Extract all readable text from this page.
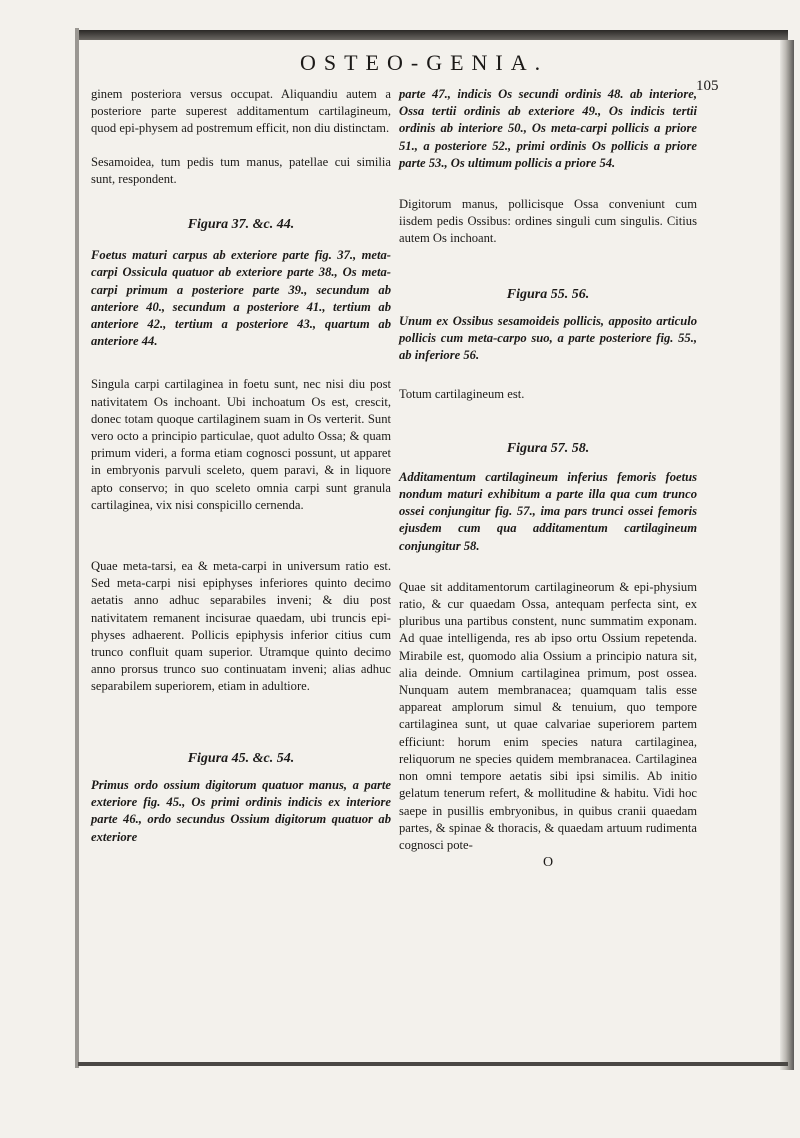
OSTEO-GENIA.
105

ginem posteriora versus occupat. Aliquandiu autem a posteriore parte superest additamentum cartilagineum, quod epi-physem ad postremum efficit, non diu distinctam.

Sesamoidea, tum pedis tum manus, patellae cui similia sunt, respondent.

Figura 37. &c. 44.

Foetus maturi carpus ab exteriore parte fig. 37., meta-carpi Ossicula quatuor ab exteriore parte 38., Os meta-carpi primum a posteriore parte 39., secundum ab anteriore 40., secundum a posteriore 41., tertium ab anteriore 42., tertium a posteriore 43., quartum ab anteriore 44.

Singula carpi cartilaginea in foetu sunt, nec nisi diu post nativitatem Os inchoant. Ubi inchoatum Os est, crescit, donec totam quoque cartilaginem suam in Os verterit. Sunt vero octo a principio particulae, quot adulto Ossa; & quam primum videri, a forma etiam cognosci possunt, ut apparet in embryonis parvuli sceleto, quem paravi, & in liquore apto conservo; in quo sceleto omnia carpi sunt granula cartilaginea, vix nisi conspicillo cernenda.

Quae meta-tarsi, ea & meta-carpi in universum ratio est. Sed meta-carpi nisi epiphyses inferiores quinto decimo aetatis anno adhuc separabiles inveni; & diu post nativitatem remanent incisurae quaedam, ubi truncis epi-physes adhaerent. Pollicis epiphysis inferior citius cum trunco confluit quam superior. Utramque quinto decimo anno prorsus trunco suo continuatam inveni; alias adhuc separabilem superiorem, etiam in adultiore.

Figura 45. &c. 54.

Primus ordo ossium digitorum quatuor manus, a parte exteriore fig. 45., Os primi ordinis indicis ex interiore parte 46., ordo secundus Ossium digitorum quatuor ab exteriore

parte 47., indicis Os secundi ordinis 48. ab interiore, Ossa tertii ordinis ab exteriore 49., Os indicis tertii ordinis ab interiore 50., Os meta-carpi pollicis a priore 51., a posteriore 52., primi ordinis Os pollicis a priore parte 53., Os ultimum pollicis a priore 54.

Digitorum manus, pollicisque Ossa conveniunt cum iisdem pedis Ossibus: ordines singuli cum singulis. Citius autem Os inchoant.

Figura 55. 56.

Unum ex Ossibus sesamoideis pollicis, apposito articulo pollicis cum meta-carpo suo, a parte posteriore fig. 55., ab inferiore 56.

Totum cartilagineum est.

Figura 57. 58.

Additamentum cartilagineum inferius femoris foetus nondum maturi exhibitum a parte illa qua cum trunco ossei conjungitur fig. 57., ima pars trunci ossei femoris ejusdem cum qua additamentum cartilagineum conjungitur 58.

Quae sit additamentorum cartilagineorum & epi-physium ratio, & cur quaedam Ossa, antequam perfecta sint, ex pluribus una partibus constent, nunc summatim exponam. Ad quae intelligenda, res ab ipso ortu Ossium repetenda. Mirabile est, quomodo alia Ossium a principio natura sit, alia deinde. Omnium cartilaginea primum, post ossea. Nunquam autem membranacea; quamquam talis esse appareat amplorum simul & tenuium, quo tempore cartilaginea sunt, ut quae calvariae superiorem partem efficiunt: horum enim species natura cartilaginea, reliquorum ne species quidem membranacea. Cartilaginea non omni tempore aetatis sibi ipsi similis. Ab initio gelatum tenerum refert, & mollitudine & habitu. Vidi hoc saepe in pusillis embryonibus, in quibus cranii quaedam partes, & spinae & thoracis, & quaedam artuum rudimenta cognosci pote-

O
